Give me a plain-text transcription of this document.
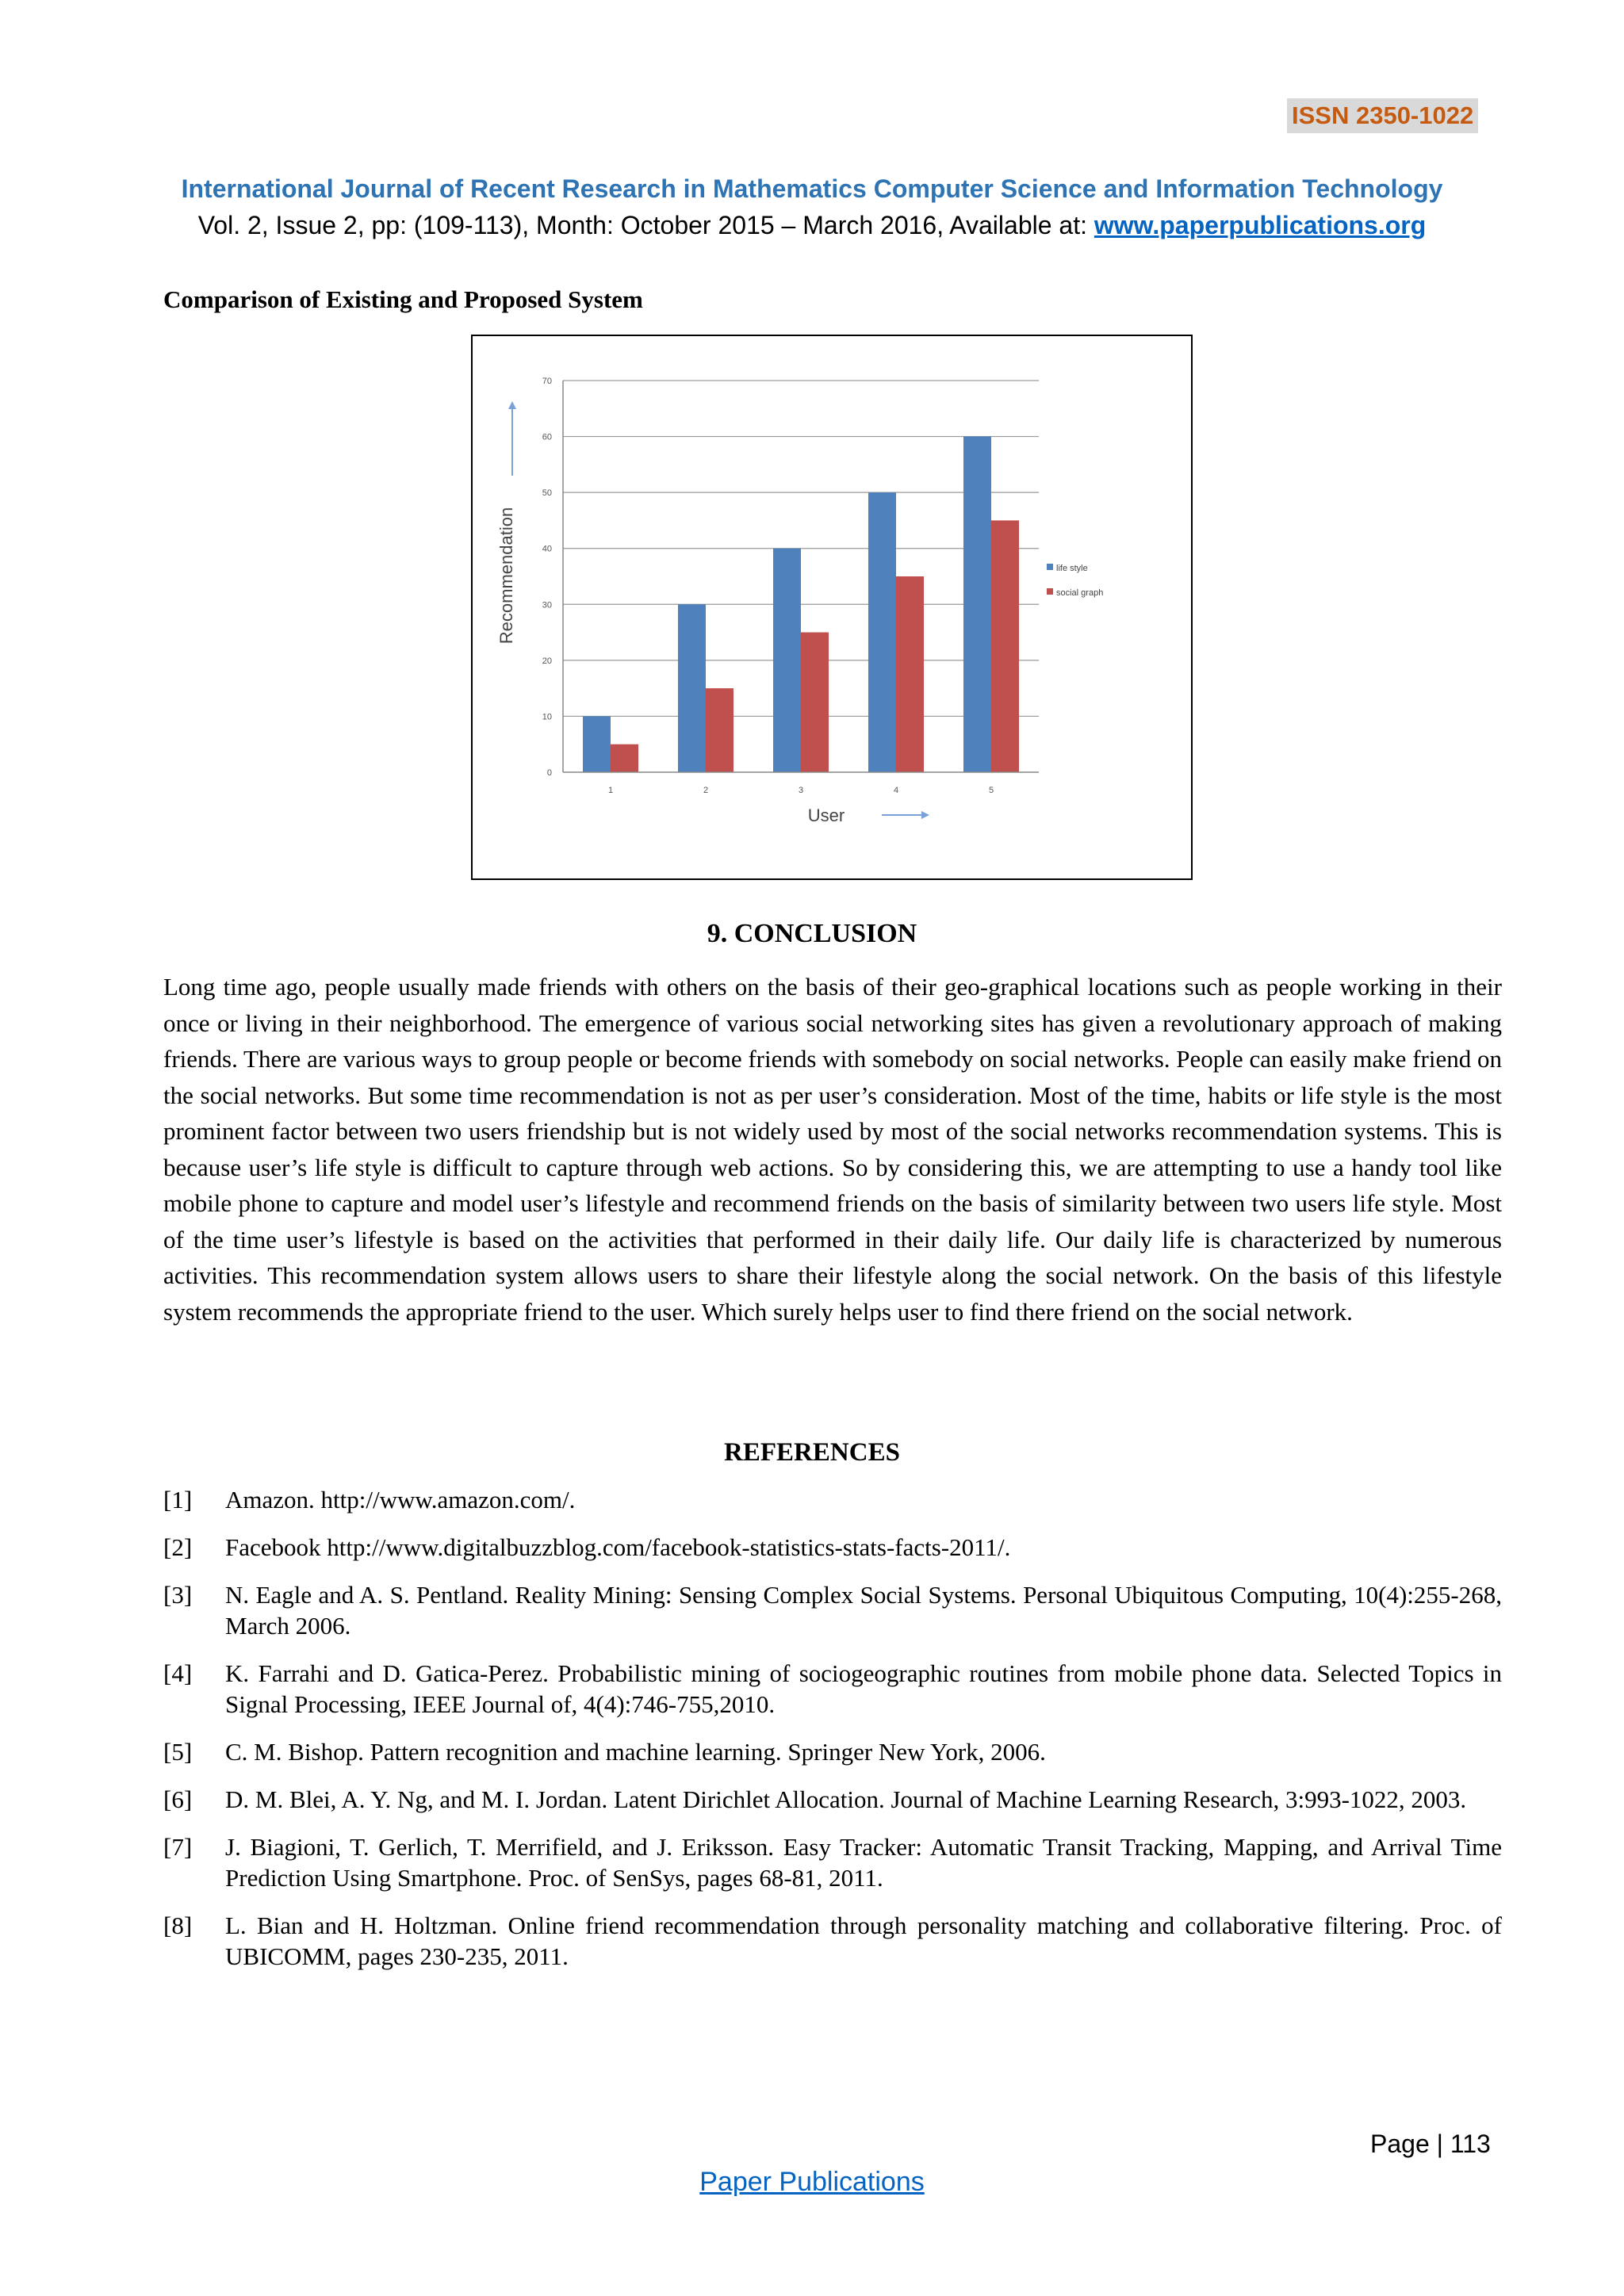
ISSN 2350-1022
International Journal of Recent Research in Mathematics Computer Science and Information Technology
Vol. 2, Issue 2, pp: (109-113), Month: October 2015 – March 2016, Available at: www.paperpublications.org
Comparison of Existing and Proposed System
0
10
20
30
40
50
60
70
1	2	3	4	5
Recommendation
User
life style
social graph
9. CONCLUSION
Long time ago, people usually made friends with others on the basis of their geo-graphical locations such as people working in their once or living in their neighborhood. The emergence of various social networking sites has given a revolutionary approach of making friends. There are various ways to group people or become friends with somebody on social networks. People can easily make friend on the social networks. But some time recommendation is not as per user’s consideration. Most of the time, habits or life style is the most prominent factor between two users friendship but is not widely used by most of the social networks recommendation systems. This is because user’s life style is difficult to capture through web actions. So by considering this, we are attempting to use a handy tool like mobile phone to capture and model user’s lifestyle and recommend friends on the basis of similarity between two users life style. Most of the time user’s lifestyle is based on the activities that performed in their daily life. Our daily life is characterized by numerous activities. This recommendation system allows users to share their lifestyle along the social network. On the basis of this lifestyle system recommends the appropriate friend to the user. Which surely helps user to find there friend on the social network.
REFERENCES
[1] Amazon. http://www.amazon.com/.
[2] Facebook http://www.digitalbuzzblog.com/facebook-statistics-stats-facts-2011/.
[3] N. Eagle and A. S. Pentland. Reality Mining: Sensing Complex Social Systems. Personal Ubiquitous Computing, 10(4):255-268, March 2006.
[4] K. Farrahi and D. Gatica-Perez. Probabilistic mining of sociogeographic routines from mobile phone data. Selected Topics in Signal Processing, IEEE Journal of, 4(4):746-755,2010.
[5] C. M. Bishop. Pattern recognition and machine learning. Springer New York, 2006.
[6] D. M. Blei, A. Y. Ng, and M. I. Jordan. Latent Dirichlet Allocation. Journal of Machine Learning Research, 3:993-1022, 2003.
[7] J. Biagioni, T. Gerlich, T. Merrifield, and J. Eriksson. Easy Tracker: Automatic Transit Tracking, Mapping, and Arrival Time Prediction Using Smartphone. Proc. of SenSys, pages 68-81, 2011.
[8] L. Bian and H. Holtzman. Online friend recommendation through personality matching and collaborative filtering. Proc. of UBICOMM, pages 230-235, 2011.
Page | 113
Paper Publications
